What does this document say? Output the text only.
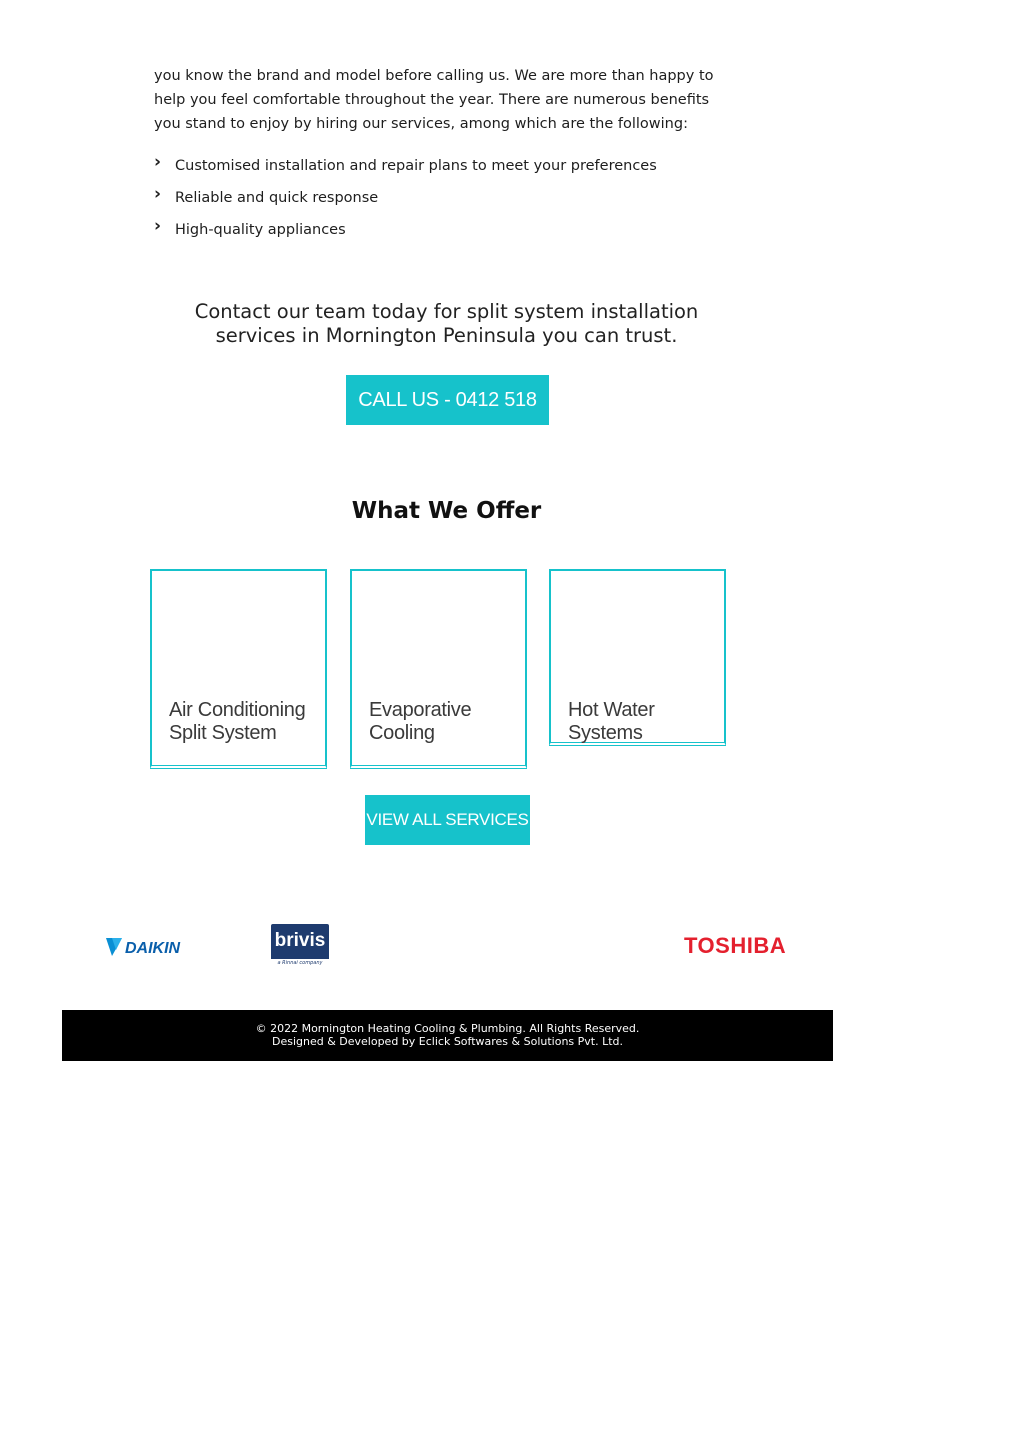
you know the brand and model before calling us. We are more than happy to help you feel comfortable throughout the year. There are numerous benefits you stand to enjoy by hiring our services, among which are the following:

› Customised installation and repair plans to meet your preferences
› Reliable and quick response
› High-quality appliances

Contact our team today for split system installation services in Mornington Peninsula you can trust.

CALL US - 0412 518 104
What We Offer
Air Conditioning Split System
Evaporative Cooling
Hot Water Systems
VIEW ALL SERVICES
DAIKIN	brivis
a Rinnai company
TOSHIBA
© 2022 Mornington Heating Cooling & Plumbing. All Rights Reserved.
Designed & Developed by Eclick Softwares & Solutions Pvt. Ltd.
